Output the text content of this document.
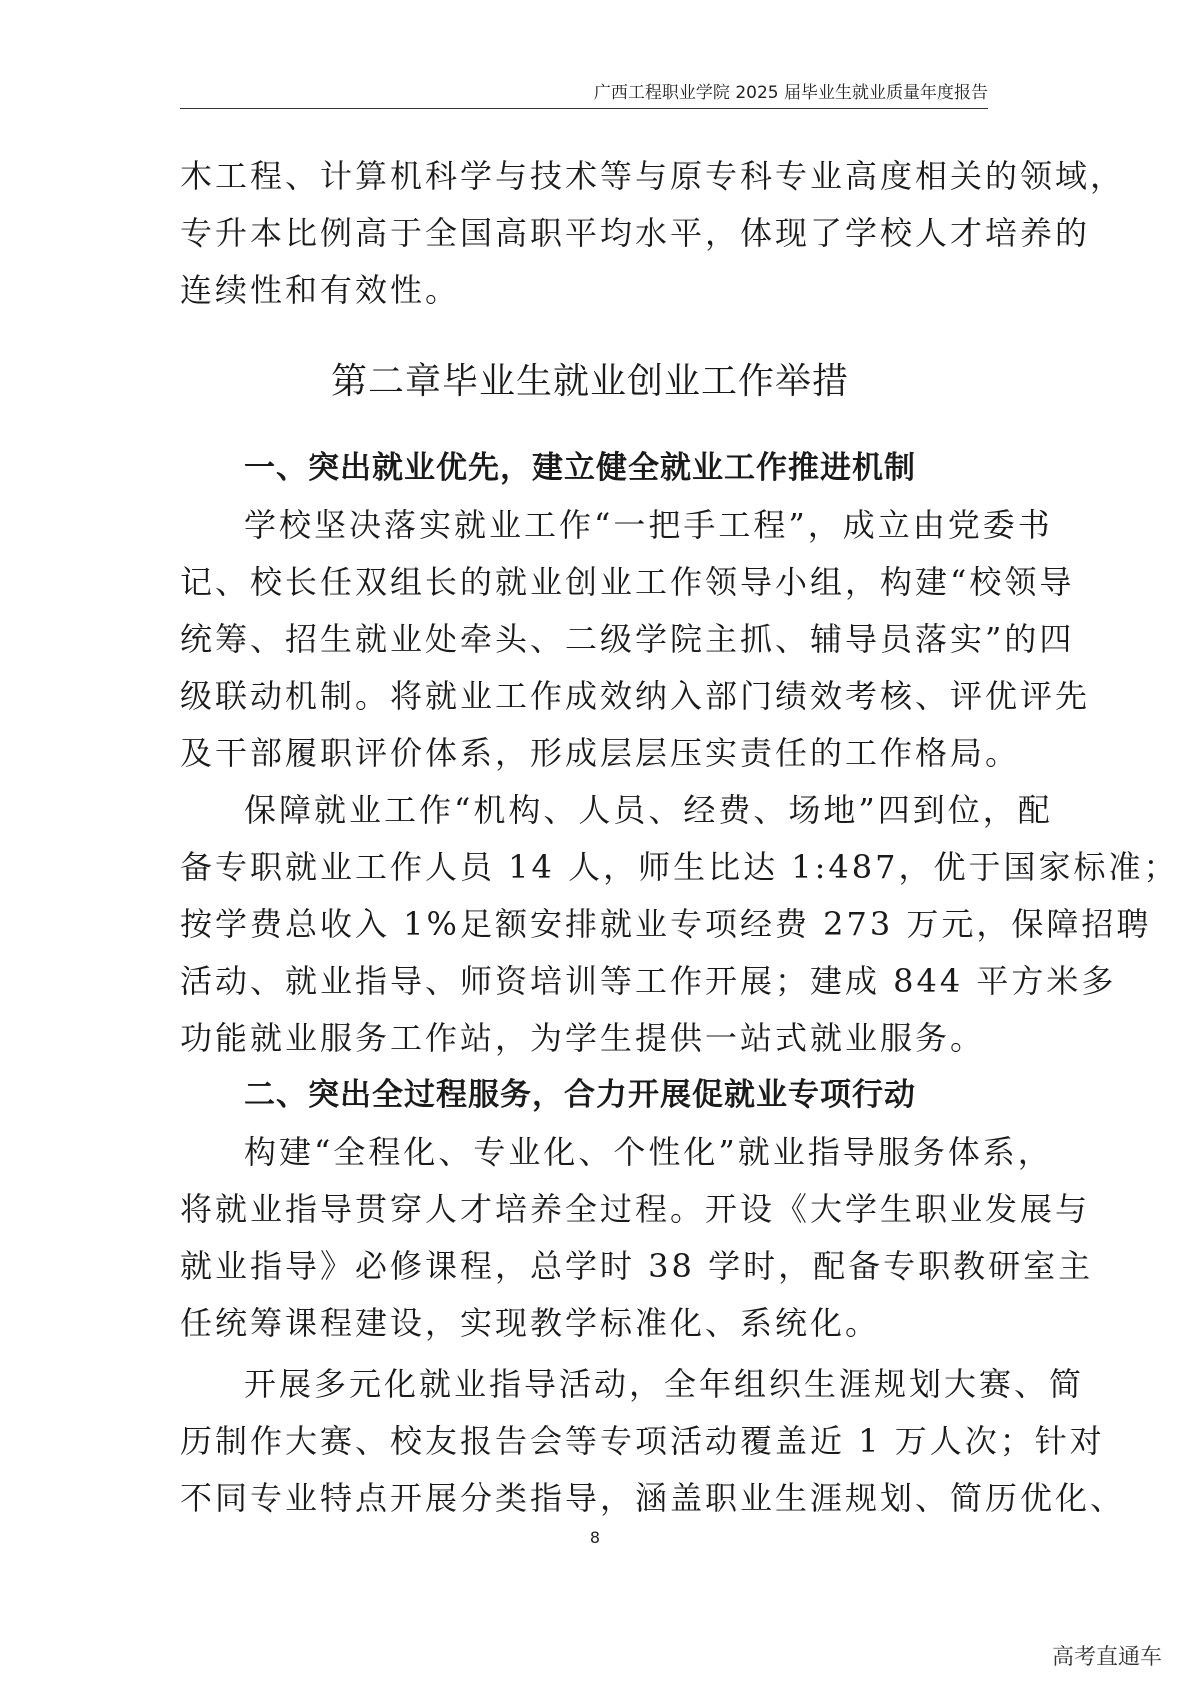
广西工程职业学院 2025 届毕业生就业质量年度报告

木工程、计算机科学与技术等与原专科专业高度相关的领域，

专升本比例高于全国高职平均水平，体现了学校人才培养的

连续性和有效性。

第二章毕业生就业创业工作举措
一、突出就业优先，建立健全就业工作推进机制

学校坚决落实就业工作“一把手工程”，成立由党委书

记、校长任双组长的就业创业工作领导小组，构建“校领导

统筹、招生就业处牵头、二级学院主抓、辅导员落实”的四

级联动机制。将就业工作成效纳入部门绩效考核、评优评先

及干部履职评价体系，形成层层压实责任的工作格局。

保障就业工作“机构、人员、经费、场地”四到位，配

备专职就业工作人员 14 人，师生比达 1:487，优于国家标准；

按学费总收入 1%足额安排就业专项经费 273 万元，保障招聘

活动、就业指导、师资培训等工作开展；建成 844 平方米多

功能就业服务工作站，为学生提供一站式就业服务。

二、突出全过程服务，合力开展促就业专项行动

构建“全程化、专业化、个性化”就业指导服务体系，

将就业指导贯穿人才培养全过程。开设《大学生职业发展与

就业指导》必修课程，总学时 38 学时，配备专职教研室主

任统筹课程建设，实现教学标准化、系统化。

开展多元化就业指导活动，全年组织生涯规划大赛、简

历制作大赛、校友报告会等专项活动覆盖近 1 万人次；针对

不同专业特点开展分类指导，涵盖职业生涯规划、简历优化、

8
高考直通车
